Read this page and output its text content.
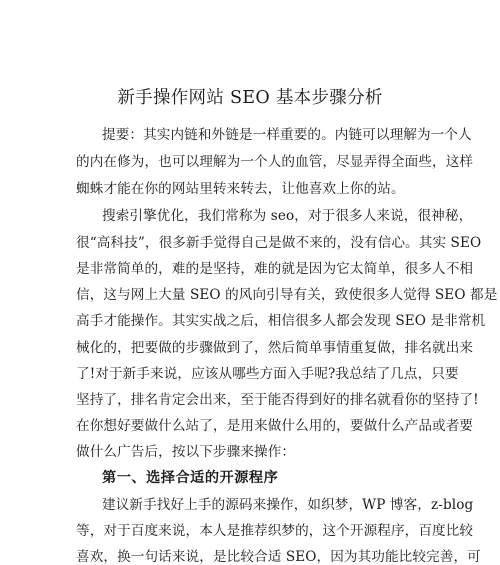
新手操作网站 SEO 基本步骤分析
提要：其实内链和外链是一样重要的。内链可以理解为一个人
的内在修为，也可以理解为一个人的血管，尽显弄得全面些，这样
蜘蛛才能在你的网站里转来转去，让他喜欢上你的站。
搜索引擎优化，我们常称为 seo，对于很多人来说，很神秘，
很“高科技”，很多新手觉得自己是做不来的，没有信心。其实 SEO
是非常简单的，难的是坚持，难的就是因为它太简单，很多人不相
信，这与网上大量 SEO 的风向引导有关，致使很多人觉得 SEO 都是
高手才能操作。其实实战之后，相信很多人都会发现 SEO 是非常机
械化的，把要做的步骤做到了，然后简单事情重复做，排名就出来
了!对于新手来说，应该从哪些方面入手呢?我总结了几点，只要
坚持了，排名肯定会出来，至于能否得到好的排名就看你的坚持了!
在你想好要做什么站了，是用来做什么用的，要做什么产品或者要
做什么广告后，按以下步骤来操作：
第一、选择合适的开源程序
建议新手找好上手的源码来操作，如织梦，WP 博客，z-blog
等，对于百度来说，本人是推荐织梦的，这个开源程序，百度比较
喜欢，换一句话来说，是比较合适 SEO，因为其功能比较完善，可
